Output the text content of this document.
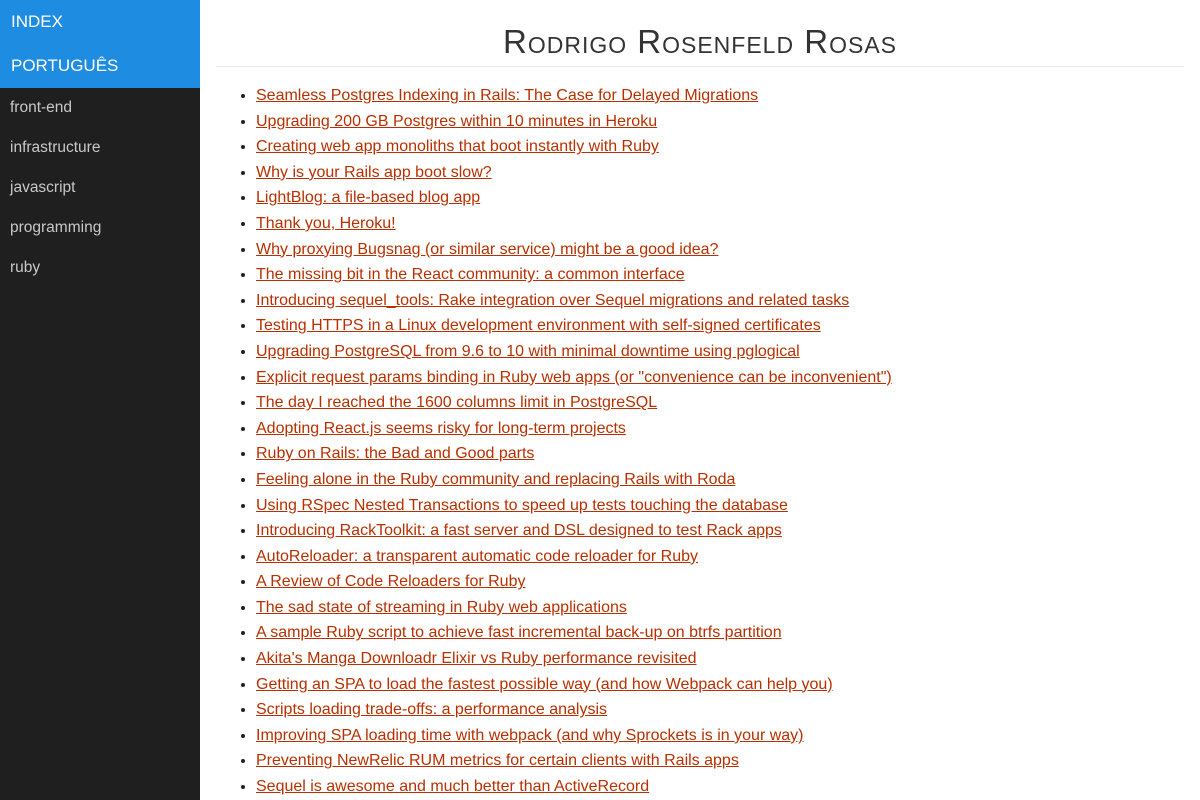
INDEX
PORTUGUÊS
front-end
infrastructure
javascript
programming
ruby
Rodrigo Rosenfeld Rosas
• Seamless Postgres Indexing in Rails: The Case for Delayed Migrations
• Upgrading 200 GB Postgres within 10 minutes in Heroku
• Creating web app monoliths that boot instantly with Ruby
• Why is your Rails app boot slow?
• LightBlog: a file-based blog app
• Thank you, Heroku!
• Why proxying Bugsnag (or similar service) might be a good idea?
• The missing bit in the React community: a common interface
• Introducing sequel_tools: Rake integration over Sequel migrations and related tasks
• Testing HTTPS in a Linux development environment with self-signed certificates
• Upgrading PostgreSQL from 9.6 to 10 with minimal downtime using pglogical
• Explicit request params binding in Ruby web apps (or "convenience can be inconvenient")
• The day I reached the 1600 columns limit in PostgreSQL
• Adopting React.js seems risky for long-term projects
• Ruby on Rails: the Bad and Good parts
• Feeling alone in the Ruby community and replacing Rails with Roda
• Using RSpec Nested Transactions to speed up tests touching the database
• Introducing RackToolkit: a fast server and DSL designed to test Rack apps
• AutoReloader: a transparent automatic code reloader for Ruby
• A Review of Code Reloaders for Ruby
• The sad state of streaming in Ruby web applications
• A sample Ruby script to achieve fast incremental back-up on btrfs partition
• Akita's Manga Downloadr Elixir vs Ruby performance revisited
• Getting an SPA to load the fastest possible way (and how Webpack can help you)
• Scripts loading trade-offs: a performance analysis
• Improving SPA loading time with webpack (and why Sprockets is in your way)
• Preventing NewRelic RUM metrics for certain clients with Rails apps
• Sequel is awesome and much better than ActiveRecord
